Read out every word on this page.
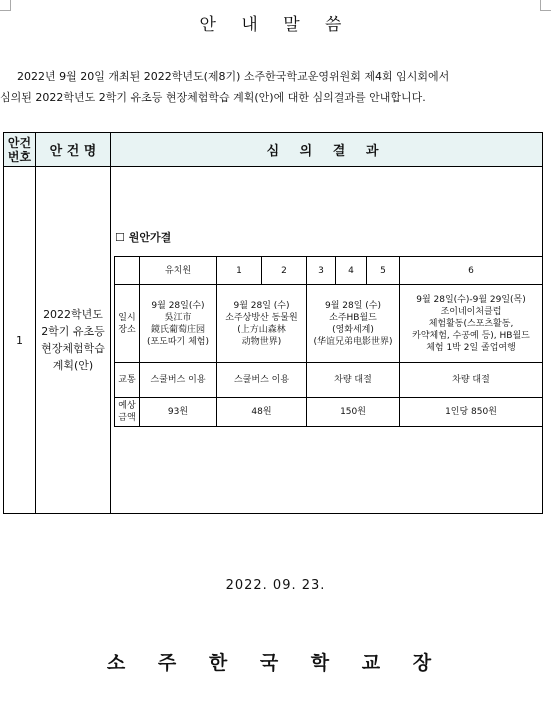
안 내 말 씀

2022년 9월 20일 개최된 2022학년도(제8기) 소주한국학교운영위원회 제4회 임시회에서

심의된 2022학년도 2학기 유초등 현장체험학습 계획(안)에 대한 심의결과를 안내합니다.

안건
번호	안 건 명	심 의 결 과
1	2022학년도
2학기 유초등
현장체험학습
계획(안)	
☐ 원안가결
	유치원	1	2	3	4	5	6
일시
장소	9월 28일(수)
吳江市
鏡氏葡萄庄园
(포도따기 체험)	9월 28일 (수)
소주상방산 동물원
(上方山森林
动物世界)	9월 28일 (수)
소주HB월드
(영화세계)
(华谊兄弟电影世界)	9월 28일(수)-9월 29일(목)
조이네이처클럽
체험활동(스포츠활동,
카약체험, 수공예 등), HB월드
체험 1박 2일 졸업여행
교통	스쿨버스 이용	스쿨버스 이용	차량 대절	차량 대절
예상
금액	93원	48원	150원	1인당 850원
2022. 09. 23.
소 주 한 국 학 교 장
